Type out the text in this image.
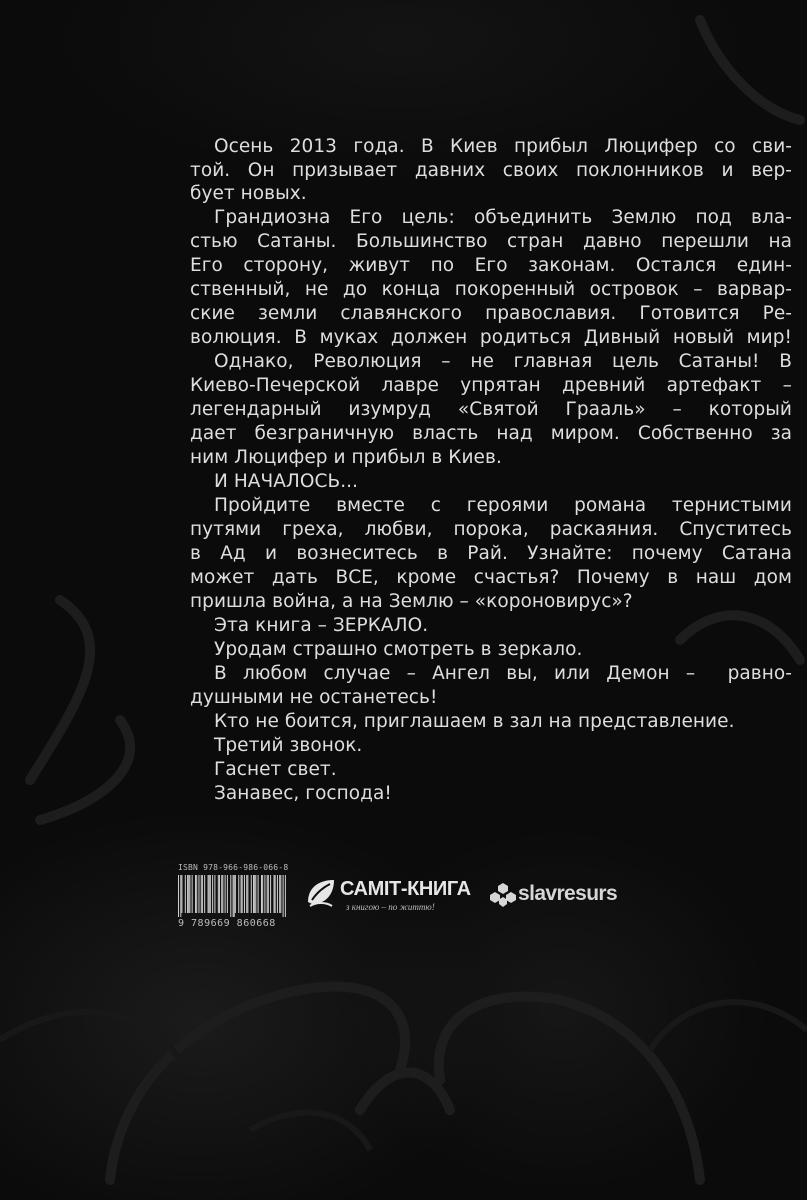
Осень 2013 года. В Киев прибыл Люцифер со сви-
той. Он призывает давних своих поклонников и вер-
бует новых.
Грандиозна Его цель: объединить Землю под вла-
стью Сатаны. Большинство стран давно перешли на
Его сторону, живут по Его законам. Остался един-
ственный, не до конца покоренный островок – варвар-
ские земли славянского православия. Готовится Ре-
волюция. В муках должен родиться Дивный новый мир!
Однако, Революция – не главная цель Сатаны! В
Киево-Печерской лавре упрятан древний артефакт –
легендарный изумруд «Святой Грааль» – который
дает безграничную власть над миром. Собственно за
ним Люцифер и прибыл в Киев.
И НАЧАЛОСЬ...
Пройдите вместе с героями романа тернистыми
путями греха, любви, порока, раскаяния. Спуститесь
в Ад и вознеситесь в Рай. Узнайте: почему Сатана
может дать ВСЕ, кроме счастья? Почему в наш дом
пришла война, а на Землю – «короновирус»?
Эта книга – ЗЕРКАЛО.
Уродам страшно смотреть в зеркало.
В любом случае – Ангел вы, или Демон –  равно-
душными не останетесь!
Кто не боится, приглашаем в зал на представление.
Третий звонок.
Гаснет свет.
Занавес, господа!
ISBN 978-966-986-066-8
9 789669 860668
САМІТ-КНИГА
з книгою – по життю!
slavresurs
